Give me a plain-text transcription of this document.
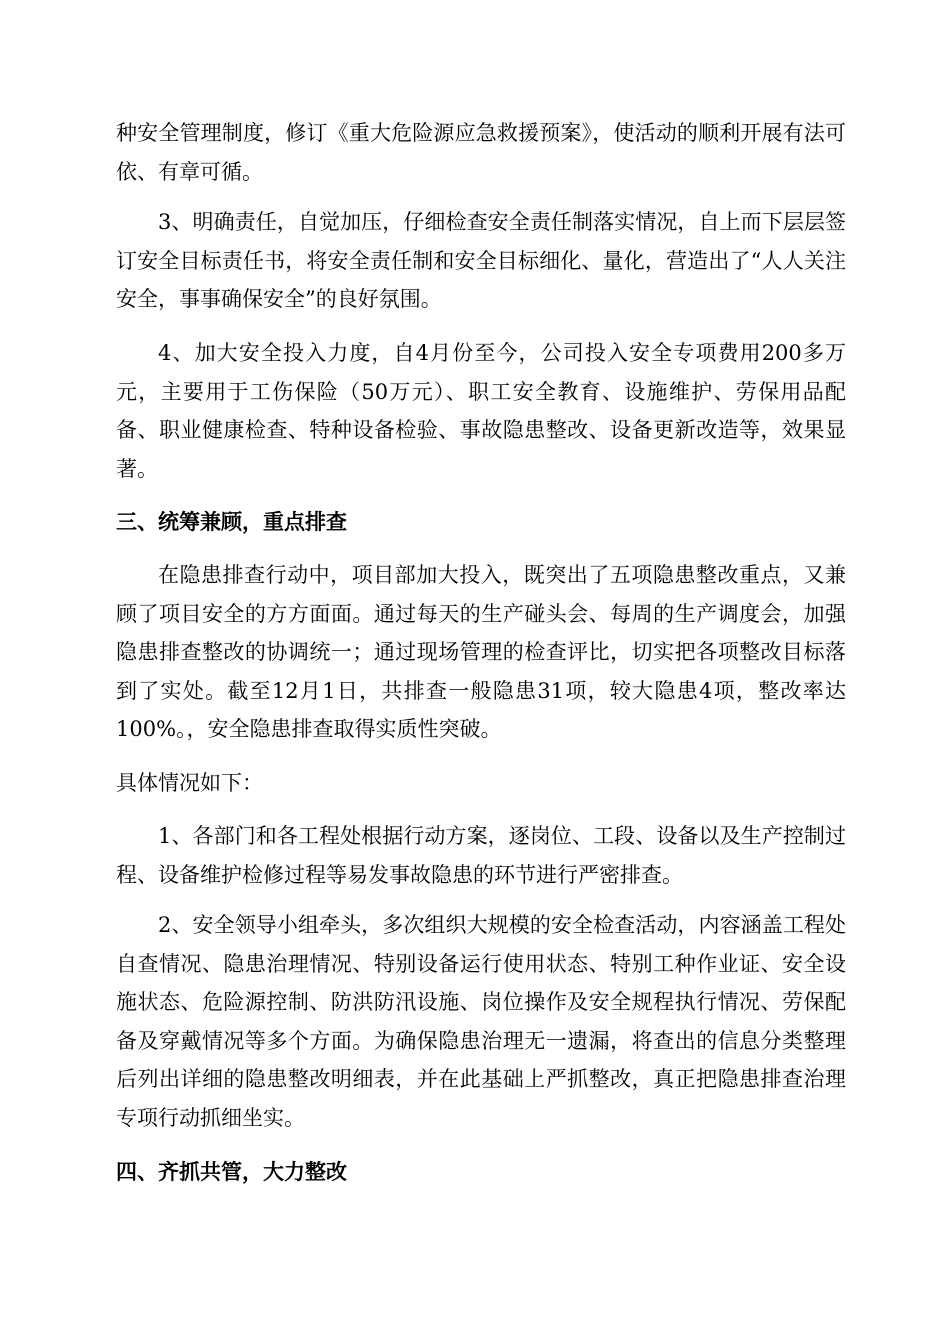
种安全管理制度，修订《重大危险源应急救援预案》，使活动的顺利开展有法可依、有章可循。

3、明确责任，自觉加压，仔细检查安全责任制落实情况，自上而下层层签订安全目标责任书，将安全责任制和安全目标细化、量化，营造出了“人人关注安全，事事确保安全”的良好氛围。

4、加大安全投入力度，自4月份至今，公司投入安全专项费用200多万元，主要用于工伤保险（50万元）、职工安全教育、设施维护、劳保用品配备、职业健康检查、特种设备检验、事故隐患整改、设备更新改造等，效果显著。

三、统筹兼顾，重点排查

在隐患排查行动中，项目部加大投入，既突出了五项隐患整改重点，又兼顾了项目安全的方方面面。通过每天的生产碰头会、每周的生产调度会，加强隐患排查整改的协调统一；通过现场管理的检查评比，切实把各项整改目标落到了实处。截至12月1日，共排查一般隐患31项，较大隐患4项，整改率达100%。，安全隐患排查取得实质性突破。

具体情况如下：

1、各部门和各工程处根据行动方案，逐岗位、工段、设备以及生产控制过程、设备维护检修过程等易发事故隐患的环节进行严密排查。

2、安全领导小组牵头，多次组织大规模的安全检查活动，内容涵盖工程处自查情况、隐患治理情况、特别设备运行使用状态、特别工种作业证、安全设施状态、危险源控制、防洪防汛设施、岗位操作及安全规程执行情况、劳保配备及穿戴情况等多个方面。为确保隐患治理无一遗漏，将查出的信息分类整理后列出详细的隐患整改明细表，并在此基础上严抓整改，真正把隐患排查治理专项行动抓细坐实。

四、齐抓共管，大力整改
